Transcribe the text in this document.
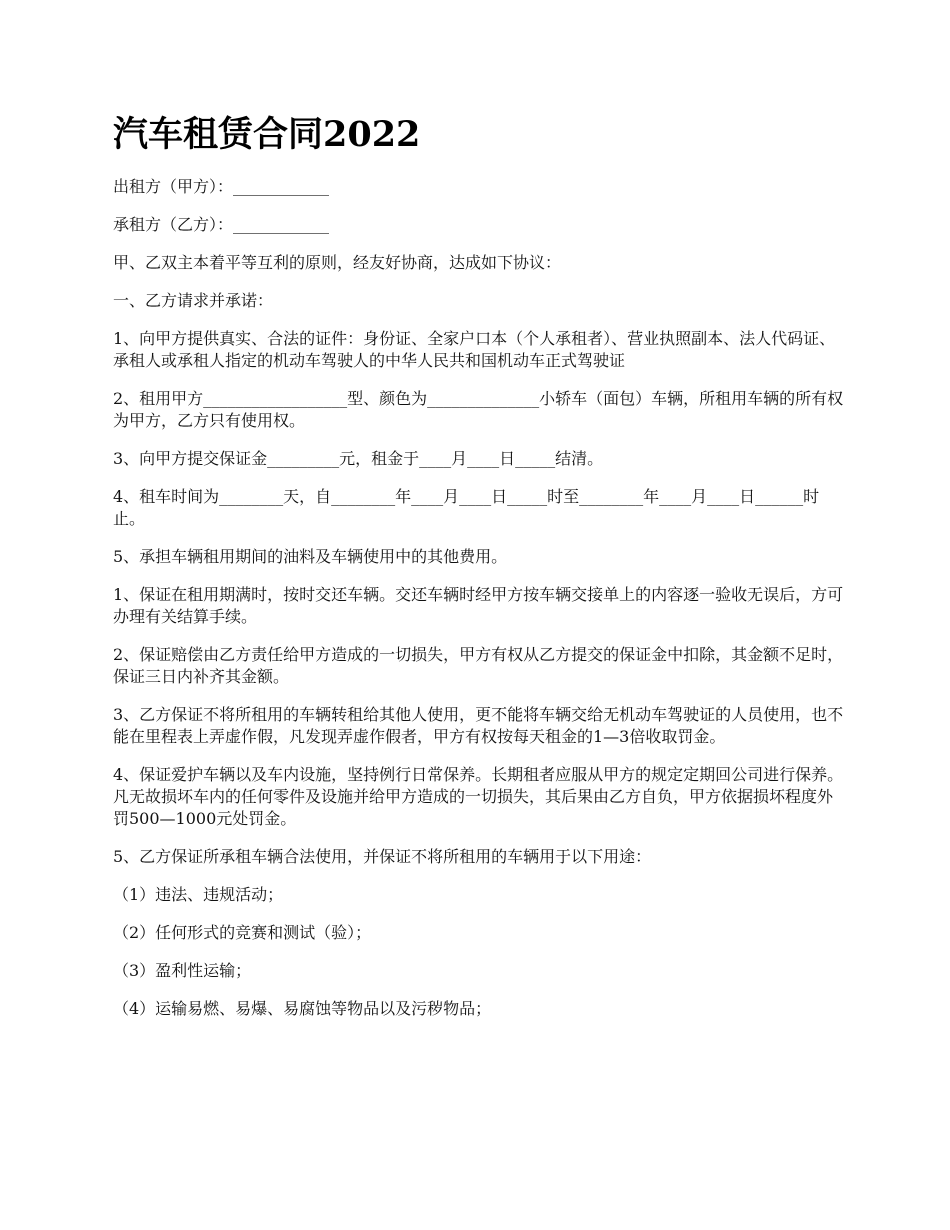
汽车租赁合同2022

出租方（甲方）：____________

承租方（乙方）：____________

甲、乙双主本着平等互利的原则，经友好协商，达成如下协议：

一、乙方请求并承诺：

1、向甲方提供真实、合法的证件：身份证、全家户口本（个人承租者）、营业执照副本、法人代码证、承租人或承租人指定的机动车驾驶人的中华人民共和国机动车正式驾驶证

2、租用甲方__________________型、颜色为______________小轿车（面包）车辆，所租用车辆的所有权为甲方，乙方只有使用权。

3、向甲方提交保证金_________元，租金于____月____日_____结清。

4、租车时间为________天，自________年____月____日_____时至________年____月____日______时止。

5、承担车辆租用期间的油料及车辆使用中的其他费用。

1、保证在租用期满时，按时交还车辆。交还车辆时经甲方按车辆交接单上的内容逐一验收无误后，方可办理有关结算手续。

2、保证赔偿由乙方责任给甲方造成的一切损失，甲方有权从乙方提交的保证金中扣除，其金额不足时，保证三日内补齐其金额。

3、乙方保证不将所租用的车辆转租给其他人使用，更不能将车辆交给无机动车驾驶证的人员使用，也不能在里程表上弄虚作假，凡发现弄虚作假者，甲方有权按每天租金的1—3倍收取罚金。

4、保证爱护车辆以及车内设施，坚持例行日常保养。长期租者应服从甲方的规定定期回公司进行保养。凡无故损坏车内的任何零件及设施并给甲方造成的一切损失，其后果由乙方自负，甲方依据损坏程度外罚500—1000元处罚金。

5、乙方保证所承租车辆合法使用，并保证不将所租用的车辆用于以下用途：

（1）违法、违规活动；

（2）任何形式的竞赛和测试（验）；

（3）盈利性运输；

（4）运输易燃、易爆、易腐蚀等物品以及污秽物品；
